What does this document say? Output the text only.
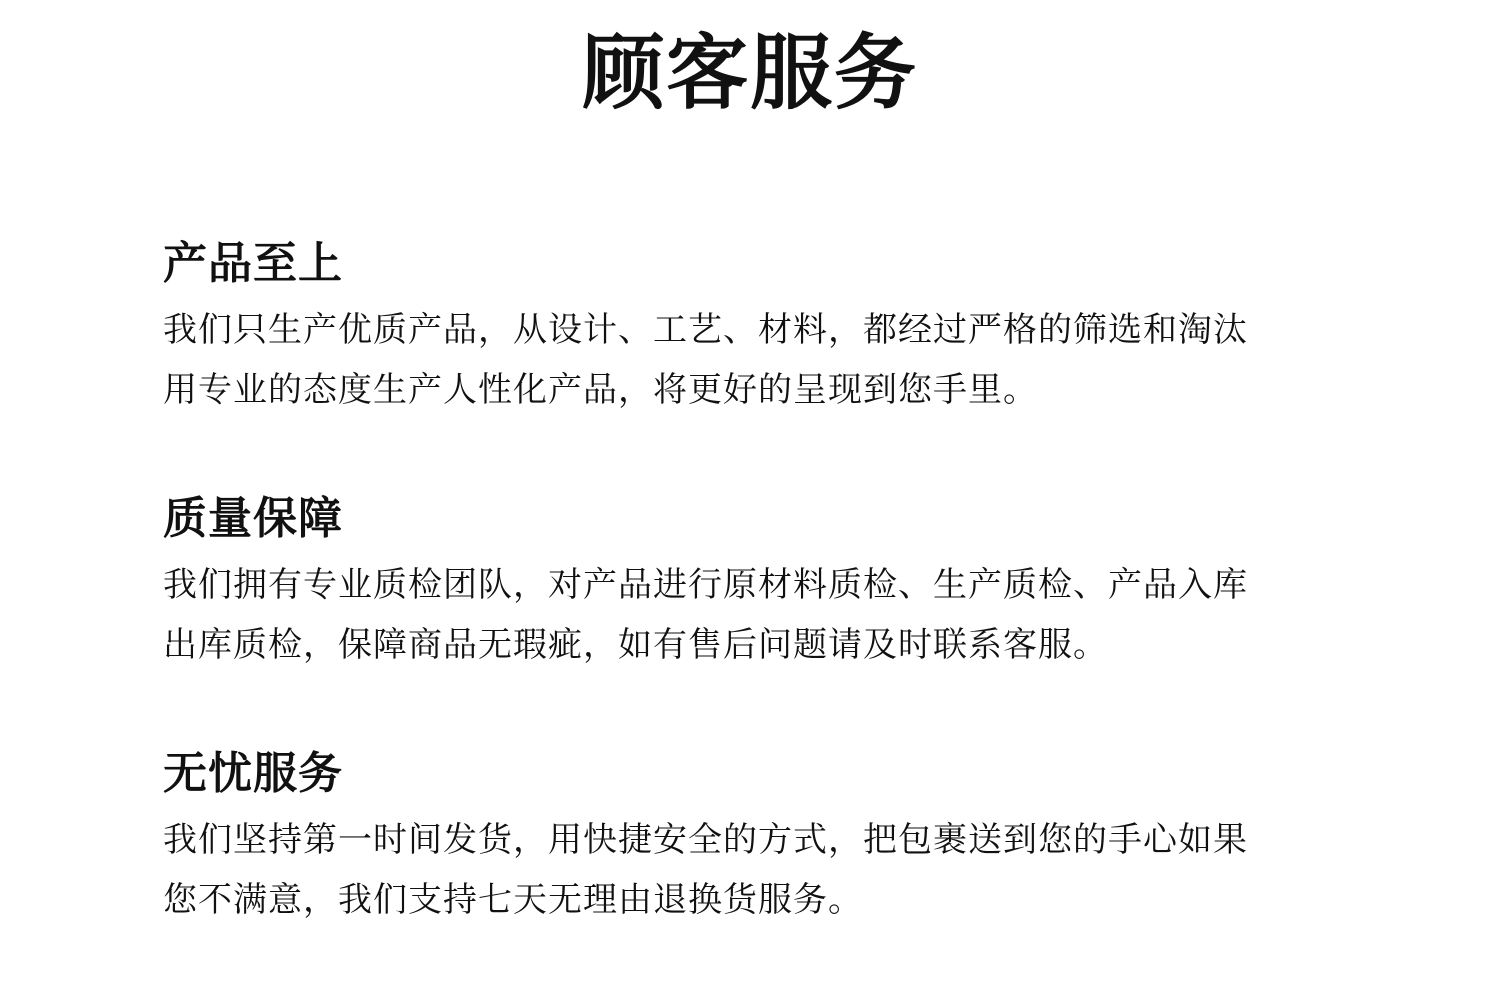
顾客服务
产品至上

我们只生产优质产品，从设计、工艺、材料，都经过严格的筛选和淘汰
用专业的态度生产人性化产品，将更好的呈现到您手里。

质量保障

我们拥有专业质检团队，对产品进行原材料质检、生产质检、产品入库
出库质检，保障商品无瑕疵，如有售后问题请及时联系客服。

无忧服务

我们坚持第一时间发货，用快捷安全的方式，把包裹送到您的手心如果
您不满意，我们支持七天无理由退换货服务。
